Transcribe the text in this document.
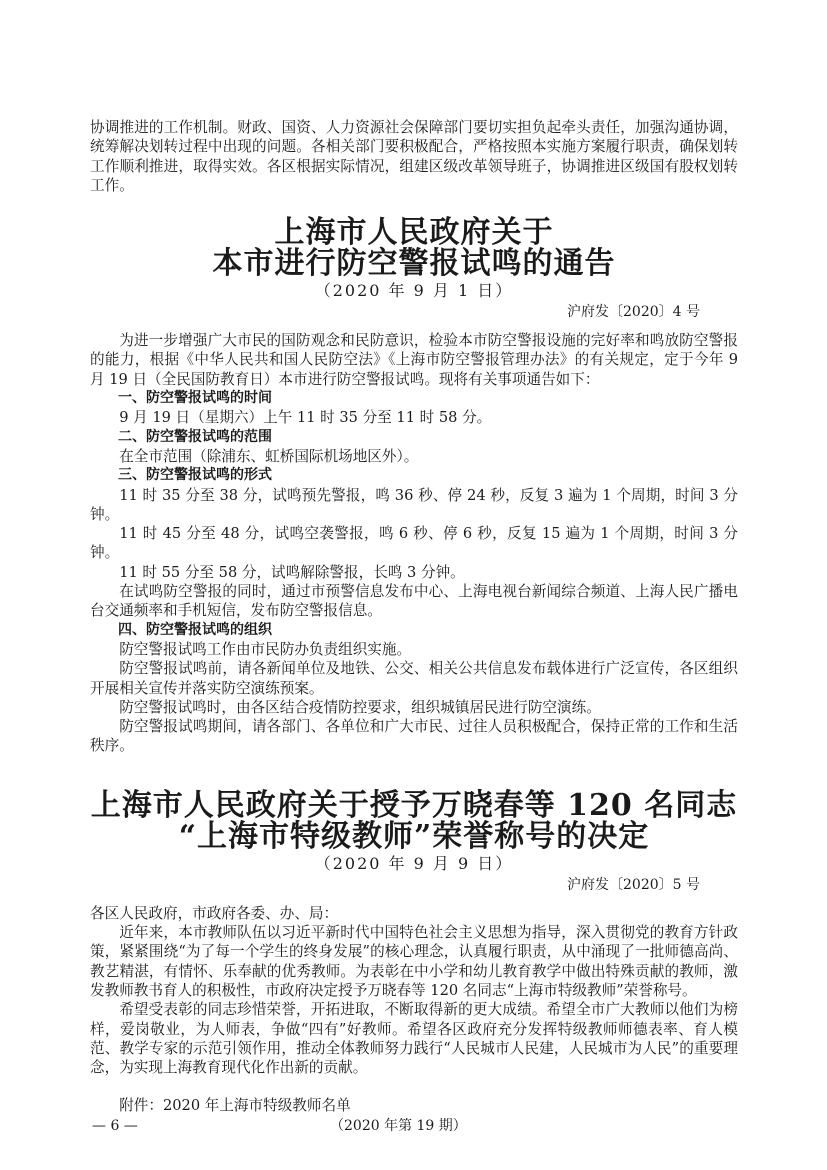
协调推进的工作机制。财政、国资、人力资源社会保障部门要切实担负起牵头责任，加强沟通协调，统筹解决划转过程中出现的问题。各相关部门要积极配合，严格按照本实施方案履行职责，确保划转工作顺利推进，取得实效。各区根据实际情况，组建区级改革领导班子，协调推进区级国有股权划转工作。

上海市人民政府关于
本市进行防空警报试鸣的通告
（2020 年 9 月 1 日）
沪府发〔2020〕4 号

为进一步增强广大市民的国防观念和民防意识，检验本市防空警报设施的完好率和鸣放防空警报的能力，根据《中华人民共和国人民防空法》《上海市防空警报管理办法》的有关规定，定于今年 9 月 19 日（全民国防教育日）本市进行防空警报试鸣。现将有关事项通告如下：

一、防空警报试鸣的时间

9 月 19 日（星期六）上午 11 时 35 分至 11 时 58 分。

二、防空警报试鸣的范围

在全市范围（除浦东、虹桥国际机场地区外）。

三、防空警报试鸣的形式

11 时 35 分至 38 分，试鸣预先警报，鸣 36 秒、停 24 秒，反复 3 遍为 1 个周期，时间 3 分钟。

11 时 45 分至 48 分，试鸣空袭警报，鸣 6 秒、停 6 秒，反复 15 遍为 1 个周期，时间 3 分钟。

11 时 55 分至 58 分，试鸣解除警报，长鸣 3 分钟。

在试鸣防空警报的同时，通过市预警信息发布中心、上海电视台新闻综合频道、上海人民广播电台交通频率和手机短信，发布防空警报信息。

四、防空警报试鸣的组织

防空警报试鸣工作由市民防办负责组织实施。

防空警报试鸣前，请各新闻单位及地铁、公交、相关公共信息发布载体进行广泛宣传，各区组织开展相关宣传并落实防空演练预案。

防空警报试鸣时，由各区结合疫情防控要求，组织城镇居民进行防空演练。

防空警报试鸣期间，请各部门、各单位和广大市民、过往人员积极配合，保持正常的工作和生活秩序。

上海市人民政府关于授予万晓春等 120 名同志
“上海市特级教师”荣誉称号的决定
（2020 年 9 月 9 日）
沪府发〔2020〕5 号

各区人民政府，市政府各委、办、局：

近年来，本市教师队伍以习近平新时代中国特色社会主义思想为指导，深入贯彻党的教育方针政策，紧紧围绕“为了每一个学生的终身发展”的核心理念，认真履行职责，从中涌现了一批师德高尚、教艺精湛，有情怀、乐奉献的优秀教师。为表彰在中小学和幼儿教育教学中做出特殊贡献的教师，激发教师教书育人的积极性，市政府决定授予万晓春等 120 名同志“上海市特级教师”荣誉称号。

希望受表彰的同志珍惜荣誉，开拓进取，不断取得新的更大成绩。希望全市广大教师以他们为榜样，爱岗敬业，为人师表，争做“四有”好教师。希望各区政府充分发挥特级教师师德表率、育人模范、教学专家的示范引领作用，推动全体教师努力践行“人民城市人民建，人民城市为人民”的重要理念，为实现上海教育现代化作出新的贡献。

附件：2020 年上海市特级教师名单

— 6 —	（2020 年第 19 期）
